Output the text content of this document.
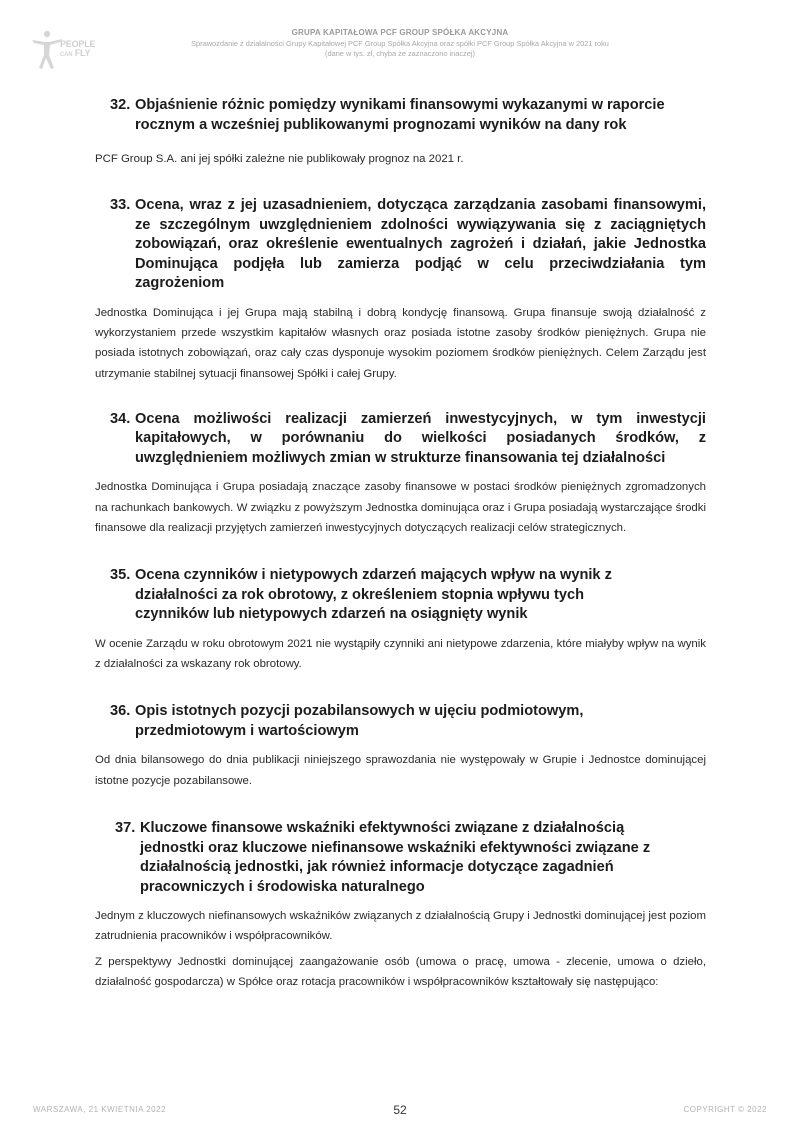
PEOPLE
CAN FLY
GRUPA KAPITAŁOWA PCF GROUP SPÓŁKA AKCYJNA
Sprawozdanie z działalności Grupy Kapitałowej PCF Group Spółka Akcyjna oraz spółki PCF Group Spółka Akcyjna w 2021 roku
(dane w tys. zł, chyba że zaznaczono inaczej)
32. Objaśnienie różnic pomiędzy wynikami finansowymi wykazanymi w raporcie rocznym a wcześniej publikowanymi prognozami wyników na dany rok

PCF Group S.A. ani jej spółki zależne nie publikowały prognoz na 2021 r.

33. Ocena, wraz z jej uzasadnieniem, dotycząca zarządzania zasobami finansowymi, ze szczególnym uwzględnieniem zdolności wywiązywania się z zaciągniętych zobowiązań, oraz określenie ewentualnych zagrożeń i działań, jakie Jednostka Dominująca podjęła lub zamierza podjąć w celu przeciwdziałania tym zagrożeniom

Jednostka Dominująca i jej Grupa mają stabilną i dobrą kondycję finansową. Grupa finansuje swoją działalność z wykorzystaniem przede wszystkim kapitałów własnych oraz posiada istotne zasoby środków pieniężnych. Grupa nie posiada istotnych zobowiązań, oraz cały czas dysponuje wysokim poziomem środków pieniężnych. Celem Zarządu jest utrzymanie stabilnej sytuacji finansowej Spółki i całej Grupy.

34. Ocena możliwości realizacji zamierzeń inwestycyjnych, w tym inwestycji kapitałowych, w porównaniu do wielkości posiadanych środków, z uwzględnieniem możliwych zmian w strukturze finansowania tej działalności

Jednostka Dominująca i Grupa posiadają znaczące zasoby finansowe w postaci środków pieniężnych zgromadzonych na rachunkach bankowych. W związku z powyższym Jednostka dominująca oraz i Grupa posiadają wystarczające środki finansowe dla realizacji przyjętych zamierzeń inwestycyjnych dotyczących realizacji celów strategicznych.

35. Ocena czynników i nietypowych zdarzeń mających wpływ na wynik z działalności za rok obrotowy, z określeniem stopnia wpływu tych czynników lub nietypowych zdarzeń na osiągnięty wynik

W ocenie Zarządu w roku obrotowym 2021 nie wystąpiły czynniki ani nietypowe zdarzenia, które miałyby wpływ na wynik z działalności za wskazany rok obrotowy.

36. Opis istotnych pozycji pozabilansowych w ujęciu podmiotowym, przedmiotowym i wartościowym

Od dnia bilansowego do dnia publikacji niniejszego sprawozdania nie występowały w Grupie i Jednostce dominującej istotne pozycje pozabilansowe.

37. Kluczowe finansowe wskaźniki efektywności związane z działalnością jednostki oraz kluczowe niefinansowe wskaźniki efektywności związane z działalnością jednostki, jak również informacje dotyczące zagadnień pracowniczych i środowiska naturalnego

Jednym z kluczowych niefinansowych wskaźników związanych z działalnością Grupy i Jednostki dominującej jest poziom zatrudnienia pracowników i współpracowników.

Z perspektywy Jednostki dominującej zaangażowanie osób (umowa o pracę, umowa - zlecenie, umowa o dzieło, działalność gospodarcza) w Spółce oraz rotacja pracowników i współpracowników kształtowały się następująco:

WARSZAWA, 21 KWIETNIA 2022	52	COPYRIGHT © 2022
